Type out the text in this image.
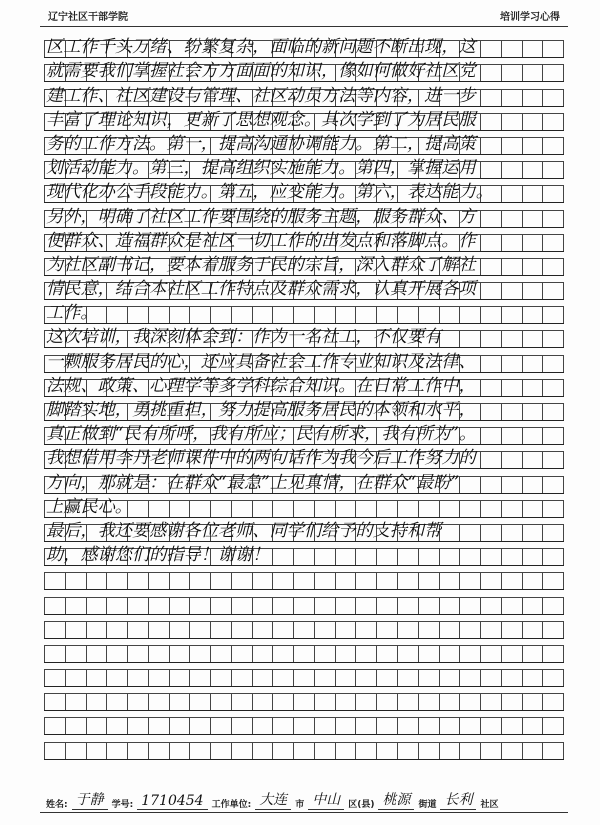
辽宁社区干部学院	培训学习心得
区工作千头万绪、纷繁复杂，面临的新问题不断出现，这
就需要我们掌握社会方方面面的知识，像如何做好社区党
建工作、社区建设与管理、社区动员方法等内容，进一步
丰富了理论知识，更新了思想观念。其次学到了为居民服
务的工作方法。第一，提高沟通协调能力。第二，提高策
划活动能力。第三，提高组织实施能力。第四，掌握运用
现代化办公手段能力。第五，应变能力。第六，表达能力。
另外，明确了社区工作要围绕的服务主题，服务群众、方
便群众、造福群众是社区一切工作的出发点和落脚点。作
为社区副书记，要本着服务于民的宗旨，深入群众了解社
情民意，结合本社区工作特点及群众需求，认真开展各项
工作。
这次培训，我深刻体会到：作为一名社工，不仅要有
一颗服务居民的心，还应具备社会工作专业知识及法律、
法规、政策、心理学等多学科综合知识。在日常工作中，
脚踏实地，勇挑重担，努力提高服务居民的本领和水平，
真正做到“民有所呼，我有所应；民有所求，我有所为”。
我想借用李丹老师课件中的两句话作为我今后工作努力的
方向，那就是：在群众“最急”上见真情，在群众“最盼”
上赢民心。
最后，我还要感谢各位老师、同学们给予的支持和帮
助，感谢您们的指导！谢谢！
姓名: 于静 学号: 1710454 工作单位: 大连 市 中山 区(县) 桃源 街道 长利 社区
